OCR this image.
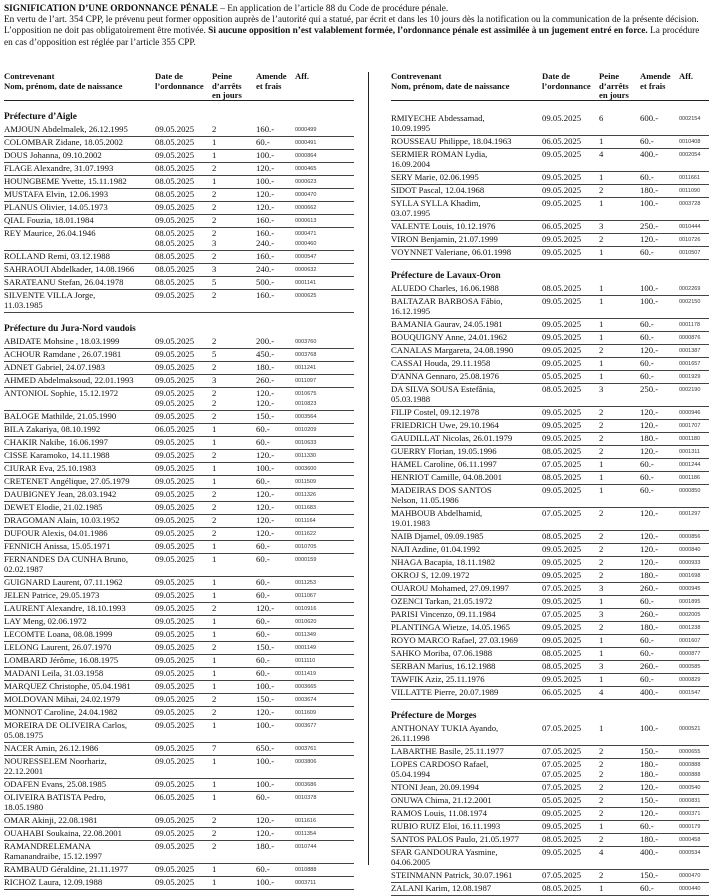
SIGNIFICATION D’UNE ORDONNANCE PÉNALE – En application de l’article 88 du Code de procédure pénale.
En vertu de l’art. 354 CPP, le prévenu peut former opposition auprès de l’autorité qui a statué, par écrit et dans les 10 jours dès la notification ou la communication de la présente décision. L’opposition ne doit pas obligatoirement être motivée. Si aucune opposition n’est valablement formée, l’ordonnance pénale est assimilée à un jugement entré en force. La procédure en cas d’opposition est réglée par l’article 355 CPP.
Contrevenant
Nom, prénom, date de naissance
Date de
l’ordonnance
Peine
d’arrêts
en jours
Amende
et frais
Aff.
Préfecture d’Aigle
AMJOUN Abdelmalek, 26.12.1995	09.05.2025 2	160.-	0000499
COLOMBAR Zidane, 18.05.2002	08.05.2025 1	60.-	0000491
DOUS Johanna, 09.10.2002	09.05.2025 1	100.-	0000864
FLAGE Alexandre, 31.07.1993	08.05.2025 2	120.-	0000465
HOUNGBEME Yvette, 15.11.1982	08.05.2025 1	100.-	0000623
MUSTAFA Elvin, 12.06.1993	08.05.2025 2	120.-	0000470
PLANUS Olivier, 14.05.1973	09.05.2025 2	120.-	0000662
QIAL Fouzia, 18.01.1984	09.05.2025 2	160.-	0000613
REY Maurice, 26.04.1946	08.05.2025 2	160.-	0000471
08.05.2025 3	240.-	0000460
ROLLAND Remi, 03.12.1988	08.05.2025 2	160.-	0000547
SAHRAOUI Abdelkader, 14.08.1966	08.05.2025 3	240.-	0000632
SARATEANU Stefan, 26.04.1978	08.05.2025 5	500.-	0001141
SILVENTE VILLA Jorge,
11.03.1985
09.05.2025 2	160.-	0000625
Préfecture du Jura-Nord vaudois
ABIDATE Mohsine , 18.03.1999	09.05.2025 2	200.-	0003760
ACHOUR Ramdane , 26.07.1981	09.05.2025 5	450.-	0003768
ADNET Gabriel, 24.07.1983	09.05.2025 2	180.-	0011241
AHMED Abdelmaksoud, 22.01.1993	09.05.2025 3	260.-	0011097
ANTONIOL Sophie, 15.12.1972	09.05.2025 2	120.-	0010675
09.05.2025 2	120.-	0010823
BALOGE Mathilde, 21.05.1990	09.05.2025 2	150.-	0003564
BILA Zakariya, 08.10.1992	06.05.2025 1	60.-	0010209
CHAKIR Nakibe, 16.06.1997	09.05.2025 1	60.-	0010633
CISSE Karamoko, 14.11.1988	09.05.2025 2	120.-	0011330
CIURAR Eva, 25.10.1983	09.05.2025 1	100.-	0003600
CRETENET Angélique, 27.05.1979	09.05.2025 1	60.-	0011509
DAUBIGNEY Jean, 28.03.1942	09.05.2025 2	120.-	0011326
DEWET Elodie, 21.02.1985	09.05.2025 2	120.-	0011683
DRAGOMAN Alain, 10.03.1952	09.05.2025 2	120.-	0011164
DUFOUR Alexis, 04.01.1986	09.05.2025 2	120.-	0011622
FENNICH Anissa, 15.05.1971	09.05.2025 1	60.-	0010705
FERNANDES DA CUNHA Bruno,
02.02.1987
09.05.2025 1	60.-	0000159
GUIGNARD Laurent, 07.11.1962	09.05.2025 1	60.-	0011253
JELEN Patrice, 29.05.1973	09.05.2025 1	60.-	0011067
LAURENT Alexandre, 18.10.1993	09.05.2025 2	120.-	0010916
LAY Meng, 02.06.1972	09.05.2025 1	60.-	0010620
LECOMTE Loana, 08.08.1999	09.05.2025 1	60.-	0011349
LELONG Laurent, 26.07.1970	09.05.2025 2	150.-	0001149
LOMBARD Jérôme, 16.08.1975	09.05.2025 1	60.-	0011110
MADANI Leila, 31.03.1958	09.05.2025 1	60.-	0011419
MARQUEZ Christophe, 05.04.1981	09.05.2025 1	100.-	0003665
MOLDOVAN Mihai, 24.02.1979	09.05.2025 2	150.-	0003674
MONNOT Caroline, 24.04.1982	09.05.2025 2	120.-	0011609
MOREIRA DE OLIVEIRA Carlos,
05.08.1975
09.05.2025 1	100.-	0003677
NACER Amin, 26.12.1986	09.05.2025 7	650.-	0003761
NOURESSELEM Noorhariz,
22.12.2001
09.05.2025 1	100.-	0003806
ODAFEN Evans, 25.08.1985	09.05.2025 1	100.-	0003686
OLIVEIRA BATISTA Pedro,
18.05.1980
06.05.2025 1	60.-	0010378
OMAR Akinji, 22.08.1981	09.05.2025 2	120.-	0011616
OUAHABI Soukaina, 22.08.2001	09.05.2025 2	120.-	0011354
RAMANDRELEMANA
Ramanandraibe, 15.12.1997
09.05.2025 2	180.-	0010744
RAMBAUD Géraldine, 21.11.1977	09.05.2025 1	60.-	0010888
RICHOZ Laura, 12.09.1988	09.05.2025 1	100.-	0003711
Contrevenant
Nom, prénom, date de naissance
Date de
l’ordonnance
Peine
d’arrêts
en jours
Amende
et frais
Aff.
RMIYECHE Abdessamad,
10.09.1995
09.05.2025 6	600.-	0002154
ROUSSEAU Philippe, 18.04.1963	06.05.2025 1	60.-	0010408
SERMIER ROMAN Lydia,
16.09.2004
09.05.2025 4	400.-	0002054
SERY Marie, 02.06.1995	09.05.2025 1	60.-	0011661
SIDOT Pascal, 12.04.1968	09.05.2025 2	180.-	0011090
SYLLA SYLLA Khadim,
03.07.1995
09.05.2025 1	100.-	0003728
VALENTE Louis, 10.12.1976	06.05.2025 3	250.-	0010444
VIRON Benjamin, 21.07.1999	09.05.2025 2	120.-	0010726
VOYNNET Valeriane, 06.01.1998	09.05.2025 1	60.-	0010507
Préfecture de Lavaux-Oron
ALUEDO Charles, 16.06.1988	08.05.2025 1	100.-	0002269
BALTAZAR BARBOSA Fábio,
16.12.1995
09.05.2025 1	100.-	0002150
BAMANIA Gaurav, 24.05.1981	09.05.2025 1	60.-	0001178
BOUQUIGNY Anne, 24.01.1962	09.05.2025 1	60.-	0000876
CANALAS Margareta, 24.08.1990	09.05.2025 2	120.-	0001387
CASSAI Houda, 29.11.1958	09.05.2025 1	60.-	0001657
D'ANNA Gennaro, 25.08.1976	05.05.2025 1	60.-	0001929
DA SILVA SOUSA Estefânia,
05.03.1988
08.05.2025 3	250.-	0002190
FILIP Costel, 09.12.1978	09.05.2025 2	120.-	0000946
FRIEDRICH Uwe, 29.10.1964	09.05.2025 2	120.-	0001707
GAUDILLAT Nicolas, 26.01.1979	09.05.2025 2	180.-	0001180
GUERRY Florian, 19.05.1996	08.05.2025 2	120.-	0001311
HAMEL Caroline, 06.11.1997	07.05.2025 1	60.-	0001244
HENRIOT Camille, 04.08.2001	08.05.2025 1	60.-	0001186
MADEIRAS DOS SANTOS
Nelson, 11.05.1986
09.05.2025 1	60.-	0000850
MAHBOUB Abdelhamid,
19.01.1983
07.05.2025 2	120.-	0001297
NAIB Djamel, 09.09.1985	08.05.2025 2	120.-	0000856
NAJI Azdine, 01.04.1992	09.05.2025 2	120.-	0000840
NHAGA Bacapia, 18.11.1982	09.05.2025 2	120.-	0000933
OKROJ S, 12.09.1972	09.05.2025 2	180.-	0001698
OUAROU Mohamed, 27.09.1997	07.05.2025 3	260.-	0000945
OZENCI Tarkan, 21.05.1972	09.05.2025 1	60.-	0001895
PARISI Vincenzo, 09.11.1984	07.05.2025 3	260.-	0002005
PLANTINGA Wietze, 14.05.1965	09.05.2025 2	180.-	0001238
ROYO MARCO Rafael, 27.03.1969	09.05.2025 1	60.-	0001607
SAHKO Moriba, 07.06.1988	08.05.2025 1	60.-	0000877
SERBAN Marius, 16.12.1988	08.05.2025 3	260.-	0000585
TAWFIK Aziz, 25.11.1976	09.05.2025 1	60.-	0000829
VILLATTE Pierre, 20.07.1989	06.05.2025 4	400.-	0001547
Préfecture de Morges
ANTHONAY TUKIA Ayando,
26.11.1998
07.05.2025 1	100.-	0000521
LABARTHE Basile, 25.11.1977	07.05.2025 2	150.-	0000655
LOPES CARDOSO Rafael,
05.04.1994
07.05.2025 2	180.-	0000888
07.05.2025 2	180.-	0000888
NTONI Jean, 20.09.1994	07.05.2025 2	120.-	0000540
ONUWA Chima, 21.12.2001	05.05.2025 2	150.-	0000831
RAMOS Louis, 11.08.1974	09.05.2025 2	120.-	0000371
RUBIO RUIZ Eloi, 16.11.1993	09.05.2025 1	60.-	0000179
SANTOS PALOS Paulo, 21.05.1977	08.05.2025 2	180.-	0000458
SFAR GANDOURA Yasmine,
04.06.2005
09.05.2025 4	400.-	0000534
STEINMANN Patrick, 30.07.1961	07.05.2025 2	150.-	0000470
ZALANI Karim, 12.08.1987	08.05.2025 1	60.-	0000440
